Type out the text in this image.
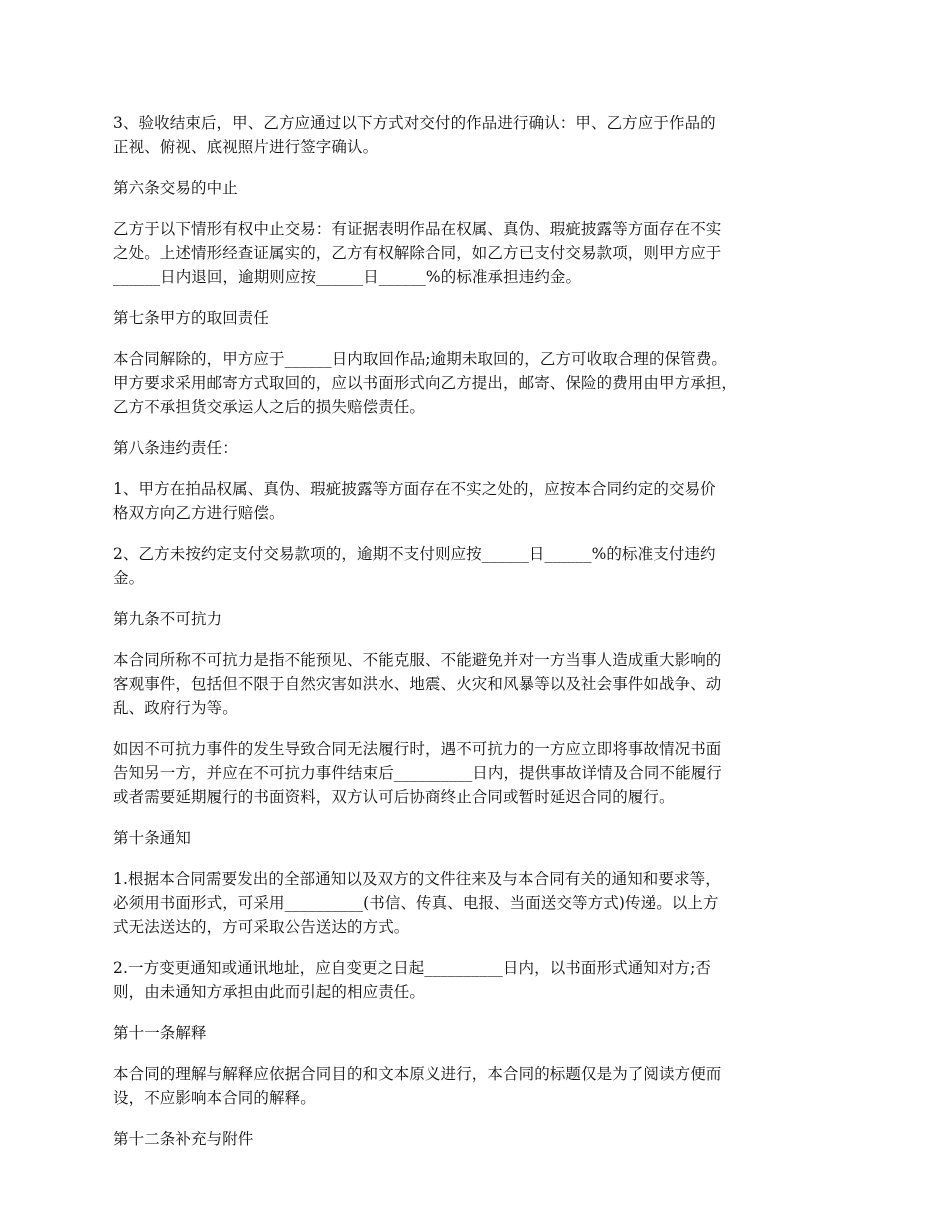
3、验收结束后，甲、乙方应通过以下方式对交付的作品进行确认：甲、乙方应于作品的
正视、俯视、底视照片进行签字确认。

第六条交易的中止

乙方于以下情形有权中止交易：有证据表明作品在权属、真伪、瑕疵披露等方面存在不实
之处。上述情形经查证属实的，乙方有权解除合同，如乙方已支付交易款项，则甲方应于
______日内退回，逾期则应按______日______%的标准承担违约金。

第七条甲方的取回责任

本合同解除的，甲方应于______日内取回作品;逾期未取回的，乙方可收取合理的保管费。
甲方要求采用邮寄方式取回的，应以书面形式向乙方提出，邮寄、保险的费用由甲方承担，
乙方不承担货交承运人之后的损失赔偿责任。

第八条违约责任：

1、甲方在拍品权属、真伪、瑕疵披露等方面存在不实之处的，应按本合同约定的交易价
格双方向乙方进行赔偿。

2、乙方未按约定支付交易款项的，逾期不支付则应按______日______%的标准支付违约
金。

第九条不可抗力

本合同所称不可抗力是指不能预见、不能克服、不能避免并对一方当事人造成重大影响的
客观事件，包括但不限于自然灾害如洪水、地震、火灾和风暴等以及社会事件如战争、动
乱、政府行为等。

如因不可抗力事件的发生导致合同无法履行时，遇不可抗力的一方应立即将事故情况书面
告知另一方，并应在不可抗力事件结束后__________日内，提供事故详情及合同不能履行
或者需要延期履行的书面资料，双方认可后协商终止合同或暂时延迟合同的履行。

第十条通知

1.根据本合同需要发出的全部通知以及双方的文件往来及与本合同有关的通知和要求等，
必须用书面形式，可采用__________(书信、传真、电报、当面送交等方式)传递。以上方
式无法送达的，方可采取公告送达的方式。

2.一方变更通知或通讯地址，应自变更之日起__________日内，以书面形式通知对方;否
则，由未通知方承担由此而引起的相应责任。

第十一条解释

本合同的理解与解释应依据合同目的和文本原义进行，本合同的标题仅是为了阅读方便而
设，不应影响本合同的解释。

第十二条补充与附件
